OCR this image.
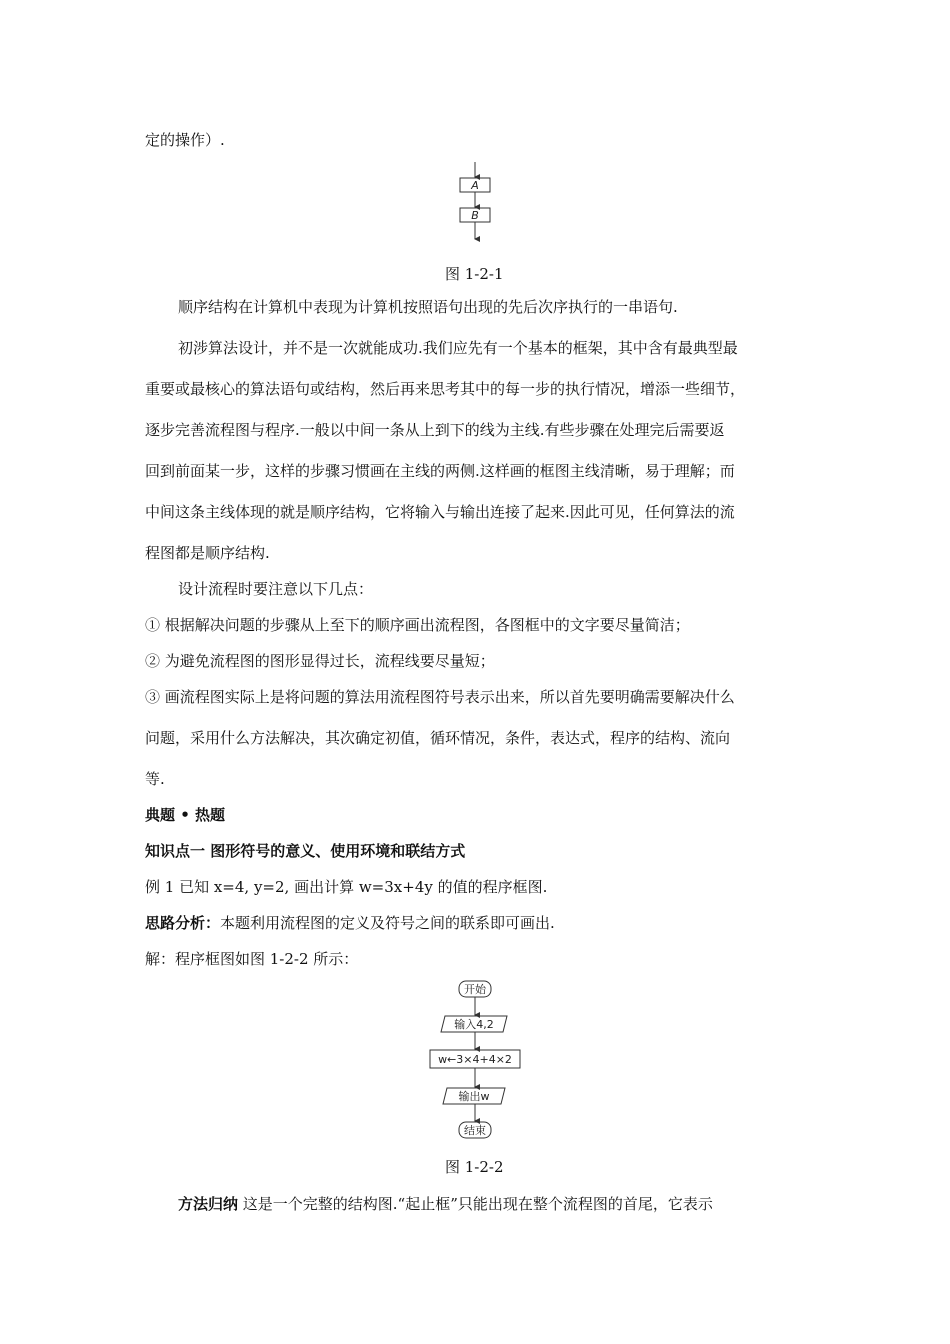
定的操作）.
A
B
图 1-2-1
顺序结构在计算机中表现为计算机按照语句出现的先后次序执行的一串语句.
初涉算法设计，并不是一次就能成功.我们应先有一个基本的框架，其中含有最典型最
重要或最核心的算法语句或结构，然后再来思考其中的每一步的执行情况，增添一些细节，
逐步完善流程图与程序.一般以中间一条从上到下的线为主线.有些步骤在处理完后需要返
回到前面某一步，这样的步骤习惯画在主线的两侧.这样画的框图主线清晰，易于理解；而
中间这条主线体现的就是顺序结构，它将输入与输出连接了起来.因此可见，任何算法的流
程图都是顺序结构.
设计流程时要注意以下几点：
① 根据解决问题的步骤从上至下的顺序画出流程图，各图框中的文字要尽量简洁；
② 为避免流程图的图形显得过长，流程线要尽量短；
③ 画流程图实际上是将问题的算法用流程图符号表示出来，所以首先要明确需要解决什么
问题，采用什么方法解决，其次确定初值，循环情况，条件，表达式，程序的结构、流向
等.
典题 • 热题
知识点一 图形符号的意义、使用环境和联结方式
例 1 已知 x=4, y=2, 画出计算 w=3x+4y 的值的程序框图.
思路分析：本题利用流程图的定义及符号之间的联系即可画出.
解：程序框图如图 1-2-2 所示：
开始
输入4,2
w←3×4+4×2
输出w
结束
图 1-2-2
方法归纳 这是一个完整的结构图.“起止框”只能出现在整个流程图的首尾，它表示
